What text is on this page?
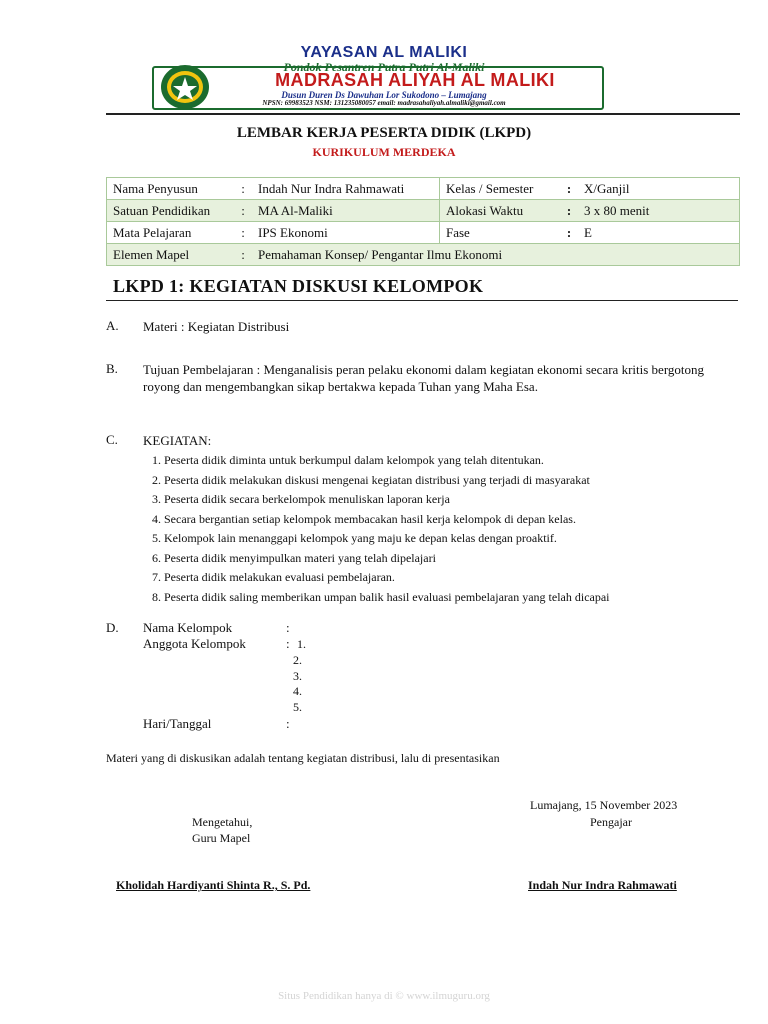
YAYASAN AL MALIKI
Pondok Pesantren Putra Putri Al-Maliki
MADRASAH ALIYAH AL MALIKI
Dusun Duren Ds Dawuhan Lor Sukodono – Lumajang
NPSN: 69983523 NSM: 131235080057 email: madrasahaliyah.almaliki@gmail.com
LEMBAR KERJA PESERTA DIDIK (LKPD)
KURIKULUM MERDEKA
Nama Penyusun	:	Indah Nur Indra Rahmawati	Kelas / Semester	:	X/Ganjil
Satuan Pendidikan	:	MA Al-Maliki	Alokasi Waktu	:	3 x 80 menit
Mata Pelajaran	:	IPS Ekonomi	Fase	:	E
Elemen Mapel	:	Pemahaman Konsep/ Pengantar Ilmu Ekonomi			
LKPD 1: KEGIATAN DISKUSI KELOMPOK
A. Materi : Kegiatan Distribusi
B. Tujuan Pembelajaran : Menganalisis peran pelaku ekonomi dalam kegiatan ekonomi secara kritis bergotong royong dan mengembangkan sikap bertakwa kepada Tuhan yang Maha Esa.
C. KEGIATAN:
1. Peserta didik diminta untuk berkumpul dalam kelompok yang telah ditentukan.
2. Peserta didik melakukan diskusi mengenai kegiatan distribusi yang terjadi di masyarakat
3. Peserta didik secara berkelompok menuliskan laporan kerja
4. Secara bergantian setiap kelompok membacakan hasil kerja kelompok di depan kelas.
5. Kelompok lain menanggapi kelompok yang maju ke depan kelas dengan proaktif.
6. Peserta didik menyimpulkan materi yang telah dipelajari
7. Peserta didik melakukan evaluasi pembelajaran.
8. Peserta didik saling memberikan umpan balik hasil evaluasi pembelajaran yang telah dicapai
D. Nama Kelompok	:
Anggota Kelompok	: 1.
2.
3.
4.
5.
Hari/Tanggal	:
Materi yang di diskusikan adalah tentang kegiatan distribusi, lalu di presentasikan
Lumajang, 15 November 2023
Pengajar
Mengetahui,
Guru Mapel
Kholidah Hardiyanti Shinta R., S. Pd.	Indah Nur Indra Rahmawati
Situs Pendidikan hanya di © www.ilmuguru.org
